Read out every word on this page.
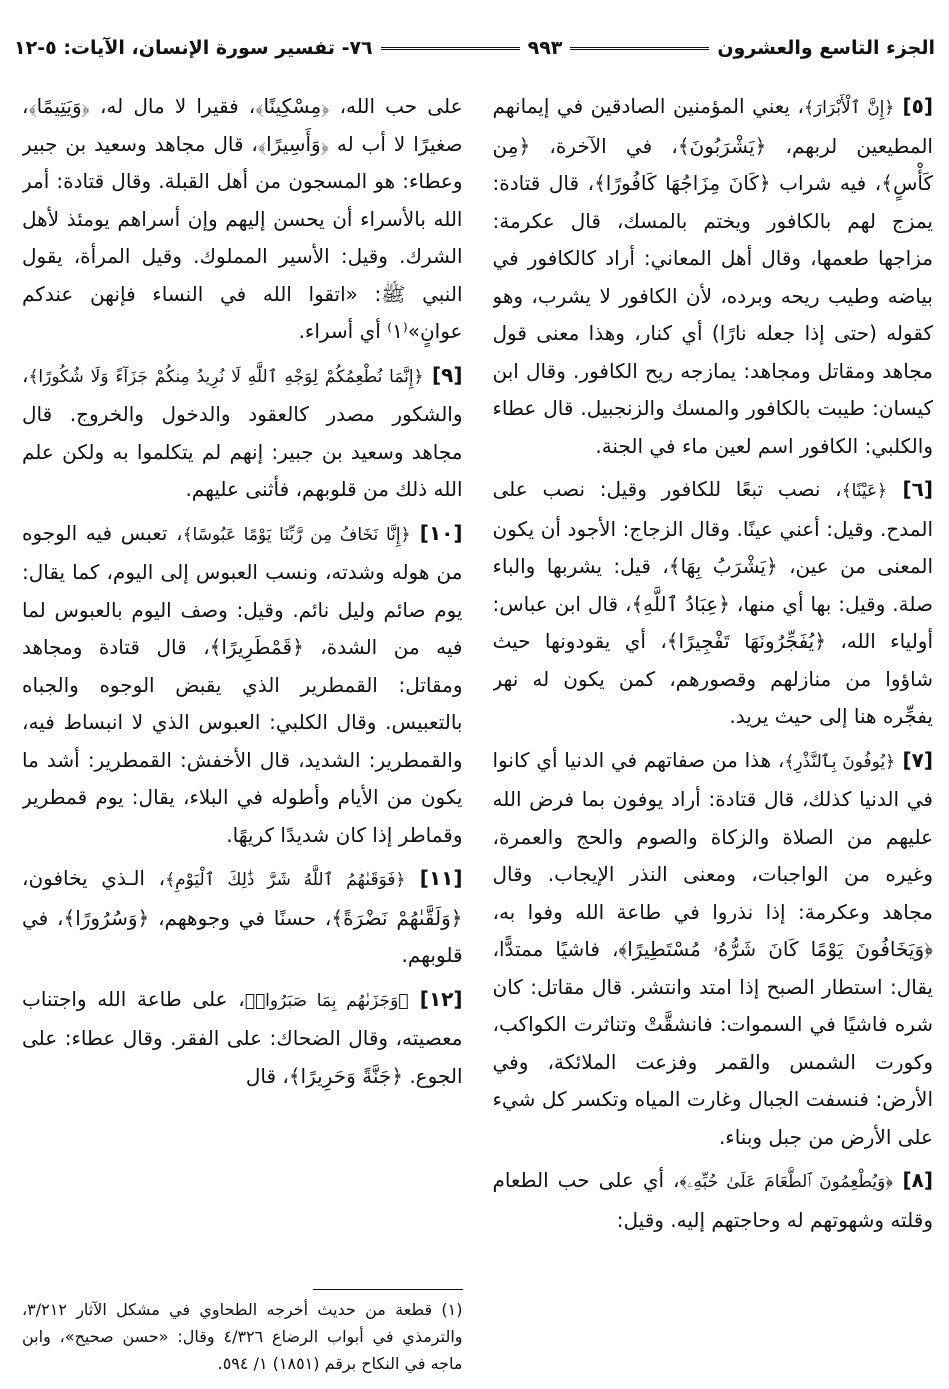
الجزء التاسع والعشرون
٩٩٣
٧٦- تفسير سورة الإنسان، الآيات: ٥-١٢

[٥] ﴿إِنَّ ٱلْأَبْرَارَ﴾، يعني المؤمنين الصادقين في إيمانهم المطيعين لربهم، ﴿يَشْرَبُونَ﴾، في الآخرة، ﴿مِن كَأْسٍ﴾، فيه شراب ﴿كَانَ مِزَاجُهَا كَافُورًا﴾، قال قتادة: يمزج لهم بالكافور ويختم بالمسك، قال عكرمة: مزاجها طعمها، وقال أهل المعاني: أراد كالكافور في بياضه وطيب ريحه وبرده، لأن الكافور لا يشرب، وهو كقوله (حتى إذا جعله نارًا) أي كنار، وهذا معنى قول مجاهد ومقاتل ومجاهد: يمازجه ريح الكافور. وقال ابن كيسان: طيبت بالكافور والمسك والزنجبيل. قال عطاء والكلبي: الكافور اسم لعين ماء في الجنة.

[٦] ﴿عَيْنًا﴾، نصب تبعًا للكافور وقيل: نصب على المدح. وقيل: أعني عينًا. وقال الزجاج: الأجود أن يكون المعنى من عين، ﴿يَشْرَبُ بِهَا﴾، قيل: يشربها والباء صلة. وقيل: بها أي منها، ﴿عِبَادُ ٱللَّهِ﴾، قال ابن عباس: أولياء الله، ﴿يُفَجِّرُونَهَا تَفْجِيرًا﴾، أي يقودونها حيث شاؤوا من منازلهم وقصورهم، كمن يكون له نهر يفجِّره هنا إلى حيث يريد.

[٧] ﴿يُوفُونَ بِٱلنَّذْرِ﴾، هذا من صفاتهم في الدنيا أي كانوا في الدنيا كذلك، قال قتادة: أراد يوفون بما فرض الله عليهم من الصلاة والزكاة والصوم والحج والعمرة، وغيره من الواجبات، ومعنى النذر الإيجاب. وقال مجاهد وعكرمة: إذا نذروا في طاعة الله وفوا به، ﴿وَيَخَافُونَ يَوْمًا كَانَ شَرُّهُۥ مُسْتَطِيرًا﴾، فاشيًا ممتدًّا، يقال: استطار الصبح إذا امتد وانتشر. قال مقاتل: كان شره فاشيًا في السموات: فانشقَّتْ وتناثرت الكواكب، وكورت الشمس والقمر وفزعت الملائكة، وفي الأرض: فنسفت الجبال وغارت المياه وتكسر كل شيء على الأرض من جبل وبناء.

[٨] ﴿وَيُطْعِمُونَ ٱلطَّعَامَ عَلَىٰ حُبِّهِۦ﴾، أي على حب الطعام وقلته وشهوتهم له وحاجتهم إليه. وقيل:

على حب الله، ﴿مِسْكِينًا﴾، فقيرا لا مال له، ﴿وَيَتِيمًا﴾، صغيرًا لا أب له ﴿وَأَسِيرًا﴾، قال مجاهد وسعيد بن جبير وعطاء: هو المسجون من أهل القبلة. وقال قتادة: أمر الله بالأسراء أن يحسن إليهم وإن أسراهم يومئذ لأهل الشرك. وقيل: الأسير المملوك. وقيل المرأة، يقول النبي ﷺ: «اتقوا الله في النساء فإنهن عندكم عوانٍ»⁽١⁾ أي أسراء.

[٩] ﴿إِنَّمَا نُطْعِمُكُمْ لِوَجْهِ ٱللَّهِ لَا نُرِيدُ مِنكُمْ جَزَآءً وَلَا شُكُورًا﴾، والشكور مصدر كالعقود والدخول والخروج. قال مجاهد وسعيد بن جبير: إنهم لم يتكلموا به ولكن علم الله ذلك من قلوبهم، فأثنى عليهم.

[١٠] ﴿إِنَّا نَخَافُ مِن رَّبِّنَا يَوْمًا عَبُوسًا﴾، تعبس فيه الوجوه من هوله وشدته، ونسب العبوس إلى اليوم، كما يقال: يوم صائم وليل نائم. وقيل: وصف اليوم بالعبوس لما فيه من الشدة، ﴿قَمْطَرِيرًا﴾، قال قتادة ومجاهد ومقاتل: القمطرير الذي يقبض الوجوه والجباه بالتعبيس. وقال الكلبي: العبوس الذي لا انبساط فيه، والقمطرير: الشديد، قال الأخفش: القمطرير: أشد ما يكون من الأيام وأطوله في البلاء، يقال: يوم قمطرير وقماطر إذا كان شديدًا كريهًا.

[١١] ﴿فَوَقَىٰهُمُ ٱللَّهُ شَرَّ ذَٰلِكَ ٱلْيَوْمِ﴾، الـذي يخافون، ﴿وَلَقَّىٰهُمْ نَضْرَةً﴾، حسنًا في وجوههم، ﴿وَسُرُورًا﴾، في قلوبهم.

[١٢] ﴿وَجَزَىٰهُم بِمَا صَبَرُوا۟﴾، على طاعة الله واجتناب معصيته، وقال الضحاك: على الفقر. وقال عطاء: على الجوع. ﴿جَنَّةً وَحَرِيرًا﴾، قال

(١) قطعة من حديث أخرجه الطحاوي في مشكل الآثار ٣/٢١٢، والترمذي في أبواب الرضاع ٤/٣٢٦ وقال: «حسن صحيح»، وابن ماجه في النكاح برقم (١٨٥١) ١/ ٥٩٤.
